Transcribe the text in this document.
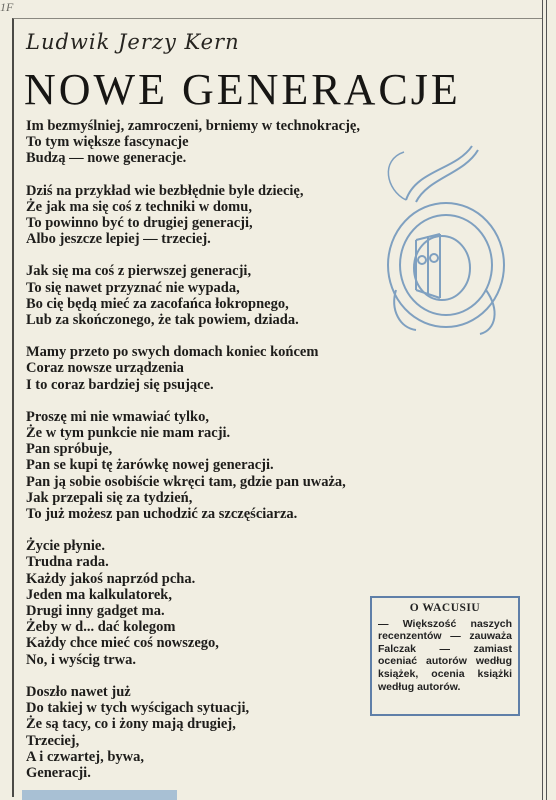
1F
Ludwik Jerzy Kern
NOWE GENERACJE

Im bezmyślniej, zamroczeni, brniemy w technokrację,
To tym większe fascynacje
Budzą — nowe generacje.

Dziś na przykład wie bezbłędnie byle dziecię,
Że jak ma się coś z techniki w domu,
To powinno być to drugiej generacji,
Albo jeszcze lepiej — trzeciej.

Jak się ma coś z pierwszej generacji,
To się nawet przyznać nie wypada,
Bo cię będą mieć za zacofańca łokropnego,
Lub za skończonego, że tak powiem, dziada.

Mamy przeto po swych domach koniec końcem
Coraz nowsze urządzenia
I to coraz bardziej się psujące.

Proszę mi nie wmawiać tylko,
Że w tym punkcie nie mam racji.
Pan spróbuje,
Pan se kupi tę żarówkę nowej generacji.
Pan ją sobie osobiście wkręci tam, gdzie pan uważa,
Jak przepali się za tydzień,
To już możesz pan uchodzić za szczęściarza.

Życie płynie.
Trudna rada.
Każdy jakoś naprzód pcha.
Jeden ma kalkulatorek,
Drugi inny gadget ma.
Żeby w d... dać kolegom
Każdy chce mieć coś nowszego,
No, i wyścig trwa.

Doszło nawet już
Do takiej w tych wyścigach sytuacji,
Że są tacy, co i żony mają drugiej,
Trzeciej,
A i czwartej, bywa,
Generacji.

O WACUSIU
— Większość naszych recenzentów — zauważa Falczak — zamiast oceniać autorów według książek, ocenia książki według autorów.
